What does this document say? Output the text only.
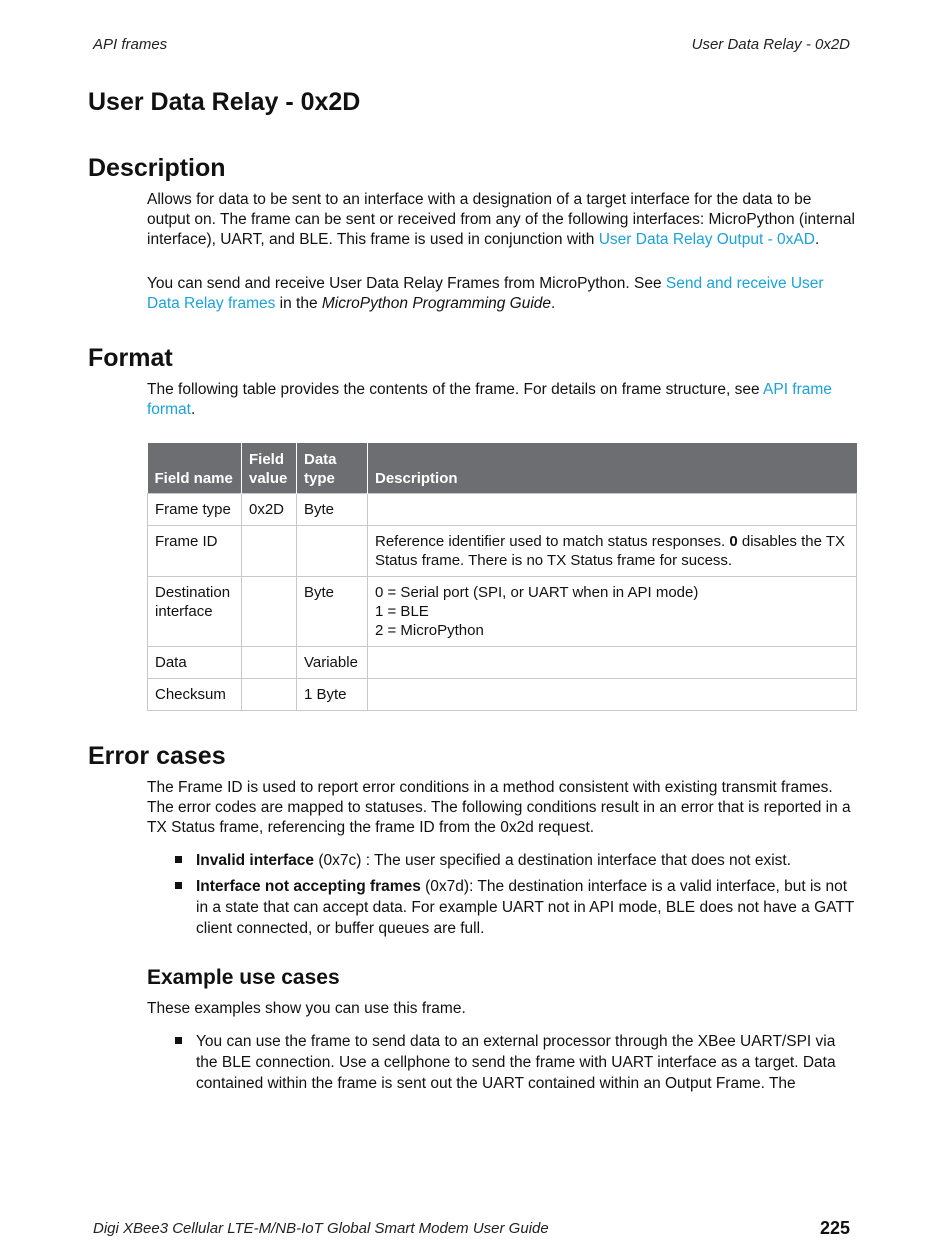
API frames	User Data Relay - 0x2D
User Data Relay - 0x2D
Description

Allows for data to be sent to an interface with a designation of a target interface for the data to be output on. The frame can be sent or received from any of the following interfaces: MicroPython (internal interface), UART, and BLE. This frame is used in conjunction with User Data Relay Output - 0xAD.

You can send and receive User Data Relay Frames from MicroPython. See Send and receive User Data Relay frames in the MicroPython Programming Guide.

Format

The following table provides the contents of the frame. For details on frame structure, see API frame format.

Field name	Field value	Data type	Description
Frame type	0x2D	Byte	
Frame ID			Reference identifier used to match status responses. 0 disables the TX Status frame. There is no TX Status frame for sucess.
Destination interface		Byte	0 = Serial port (SPI, or UART when in API mode)
1 = BLE
2 = MicroPython

Data		Variable	
Checksum		1 Byte	
Error cases

The Frame ID is used to report error conditions in a method consistent with existing transmit frames. The error codes are mapped to statuses. The following conditions result in an error that is reported in a TX Status frame, referencing the frame ID from the 0x2d request.

Invalid interface (0x7c) : The user specified a destination interface that does not exist.
Interface not accepting frames (0x7d): The destination interface is a valid interface, but is not in a state that can accept data. For example UART not in API mode, BLE does not have a GATT client connected, or buffer queues are full.
Example use cases

These examples show you can use this frame.

You can use the frame to send data to an external processor through the XBee UART/SPI via the BLE connection. Use a cellphone to send the frame with UART interface as a target. Data contained within the frame is sent out the UART contained within an Output Frame. The
Digi XBee3 Cellular LTE-M/NB-IoT Global Smart Modem User Guide	225
